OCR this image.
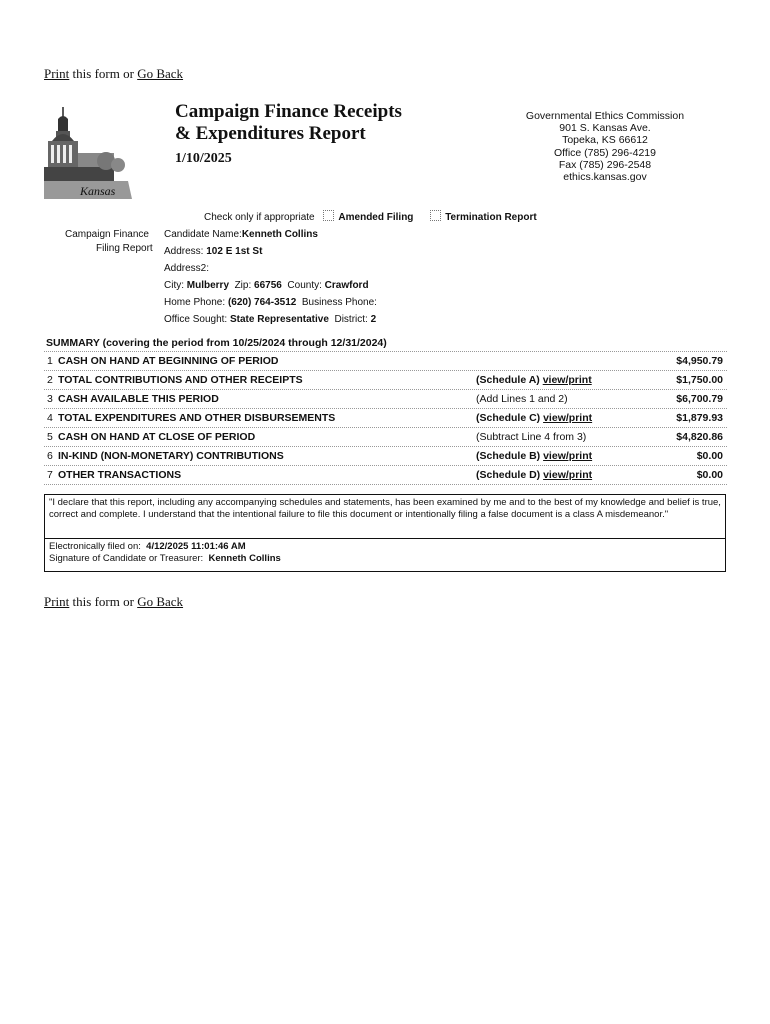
Print this form or Go Back
Kansas
Campaign Finance Receipts
& Expenditures Report
1/10/2025
Governmental Ethics Commission
901 S. Kansas Ave.
Topeka, KS 66612
Office (785) 296-4219
Fax (785) 296-2548
ethics.kansas.gov
Check only if appropriate Amended Filing	Termination Report
Campaign Finance
Filing Report
Candidate Name:Kenneth Collins
Address: 102 E 1st St
Address2:
City: Mulberry Zip: 66756 County: Crawford
Home Phone: (620) 764-3512 Business Phone:
Office Sought: State Representative District: 2
SUMMARY (covering the period from 10/25/2024 through 12/31/2024)
1 CASH ON HAND AT BEGINNING OF PERIOD	$4,950.79
2 TOTAL CONTRIBUTIONS AND OTHER RECEIPTS	(Schedule A) view/print	$1,750.00
3 CASH AVAILABLE THIS PERIOD	(Add Lines 1 and 2)	$6,700.79
4 TOTAL EXPENDITURES AND OTHER DISBURSEMENTS	(Schedule C) view/print	$1,879.93
5 CASH ON HAND AT CLOSE OF PERIOD	(Subtract Line 4 from 3)	$4,820.86
6 IN-KIND (NON-MONETARY) CONTRIBUTIONS	(Schedule B) view/print	$0.00
7 OTHER TRANSACTIONS	(Schedule D) view/print	$0.00
"I declare that this report, including any accompanying schedules and statements, has been examined by me and to the best of my knowledge and belief is true, correct and complete. I understand that the intentional failure to file this document or intentionally filing a false document is a class A misdemeanor."
Electronically filed on: 4/12/2025 11:01:46 AM
Signature of Candidate or Treasurer: Kenneth Collins
Print this form or Go Back
